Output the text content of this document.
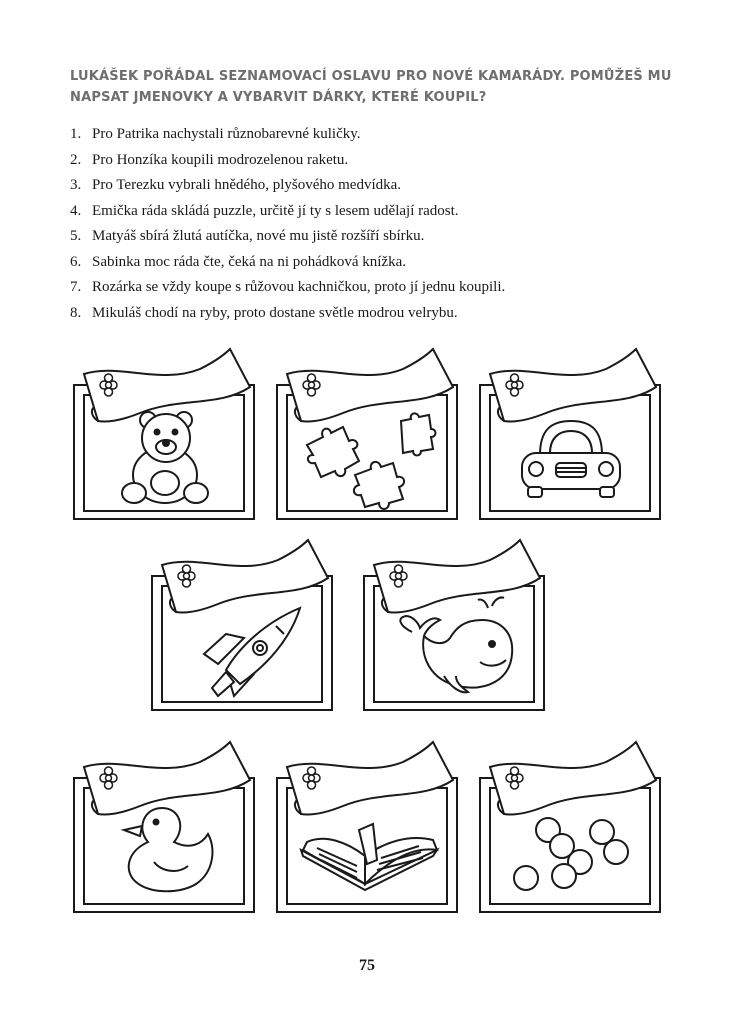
LUKÁŠEK POŘÁDAL SEZNAMOVACÍ OSLAVU PRO NOVÉ KAMARÁDY. POMŮŽEŠ MU
NAPSAT JMENOVKY A VYBARVIT DÁRKY, KTERÉ KOUPIL?
1. Pro Patrika nachystali různobarevné kuličky.
2. Pro Honzíka koupili modrozelenou raketu.
3. Pro Terezku vybrali hnědého, plyšového medvídka.
4. Emička ráda skládá puzzle, určitě jí ty s lesem udělají radost.
5. Matyáš sbírá žlutá autíčka, nové mu jistě rozšíří sbírku.
6. Sabinka moc ráda čte, čeká na ni pohádková knížka.
7. Rozárka se vždy koupe s růžovou kachničkou, proto jí jednu koupili.
8. Mikuláš chodí na ryby, proto dostane světle modrou velrybu.
75
